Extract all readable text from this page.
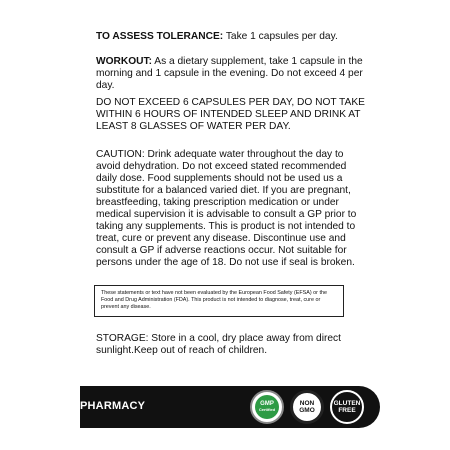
TO ASSESS TOLERANCE: Take 1 capsules per day.
WORKOUT: As a dietary supplement, take 1 capsule in the morning and 1 capsule in the evening. Do not exceed 4 per day.
DO NOT EXCEED 6 CAPSULES PER DAY, DO NOT TAKE WITHIN 6 HOURS OF INTENDED SLEEP AND DRINK AT LEAST 8 GLASSES OF WATER PER DAY.
CAUTION: Drink adequate water throughout the day to avoid dehydration. Do not exceed stated recommended daily dose. Food supplements should not be used us a substitute for a balanced varied diet. If you are pregnant, breastfeeding, taking prescription medication or under medical supervision it is advisable to consult a GP prior to taking any supplements. This is product is not intended to treat, cure or prevent any disease. Discontinue use and consult a GP if adverse reactions occur. Not suitable for persons under the age of 18. Do not use if seal is broken.
These statements or text have not been evaluated by the European Food Safety (EFSA) or the Food and Drug Administration (FDA). This product is not intended to diagnose, treat, cure or prevent any disease.
STORAGE: Store in a cool, dry place away from direct sunlight.Keep out of reach of children.
PHARMACY	GMP
Certified
NON
GMO
GLUTEN
FREE
